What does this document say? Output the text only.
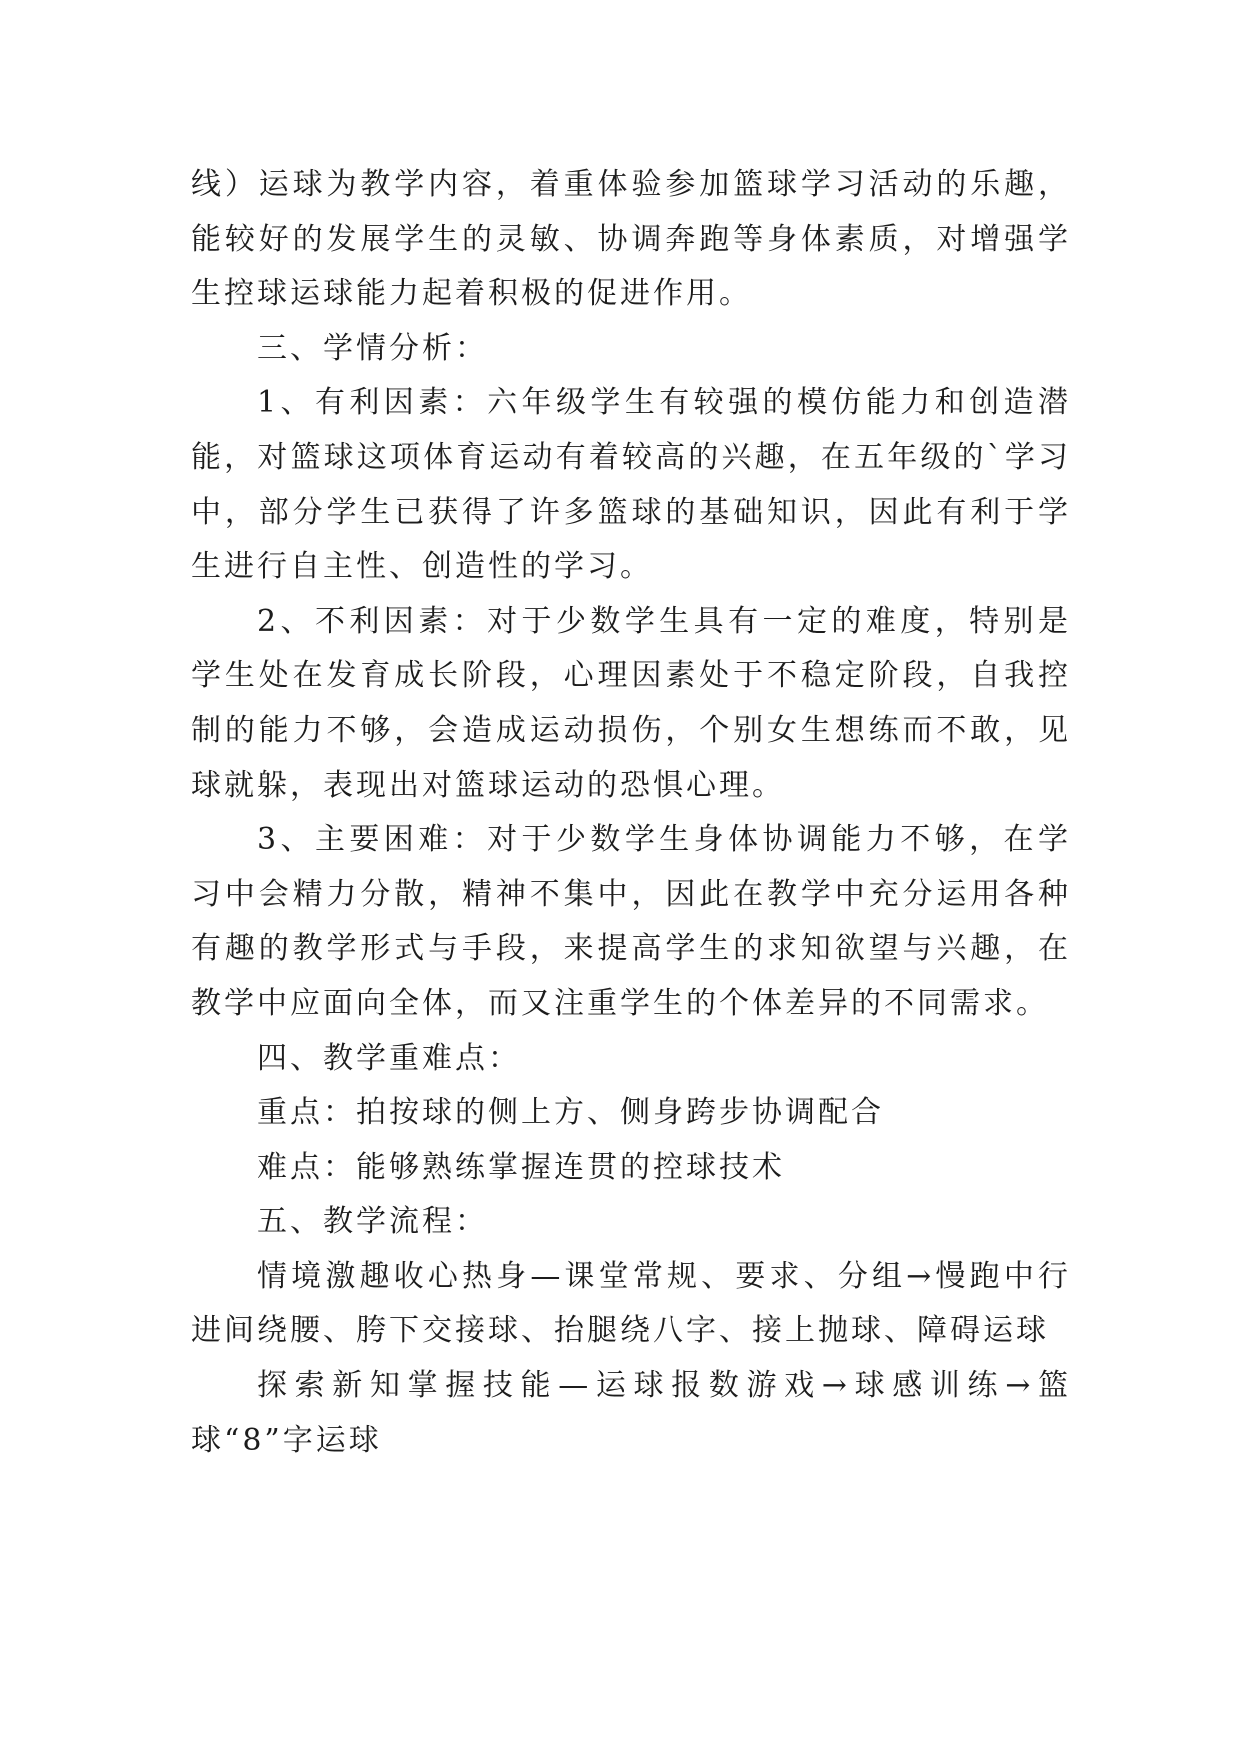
线）运球为教学内容，着重体验参加篮球学习活动的乐趣，能较好的发展学生的灵敏、协调奔跑等身体素质，对增强学生控球运球能力起着积极的促进作用。

三、学情分析：

1、有利因素：六年级学生有较强的模仿能力和创造潜能，对篮球这项体育运动有着较高的兴趣，在五年级的`学习中，部分学生已获得了许多篮球的基础知识，因此有利于学生进行自主性、创造性的学习。

2、不利因素：对于少数学生具有一定的难度，特别是学生处在发育成长阶段，心理因素处于不稳定阶段，自我控制的能力不够，会造成运动损伤，个别女生想练而不敢，见球就躲，表现出对篮球运动的恐惧心理。

3、主要困难：对于少数学生身体协调能力不够，在学习中会精力分散，精神不集中，因此在教学中充分运用各种有趣的教学形式与手段，来提高学生的求知欲望与兴趣，在教学中应面向全体，而又注重学生的个体差异的不同需求。

四、教学重难点：

重点：拍按球的侧上方、侧身跨步协调配合

难点：能够熟练掌握连贯的控球技术

五、教学流程：

情境激趣收心热身—课堂常规、要求、分组→慢跑中行进间绕腰、胯下交接球、抬腿绕八字、接上抛球、障碍运球

探索新知掌握技能—运球报数游戏→球感训练→篮球“8”字运球
